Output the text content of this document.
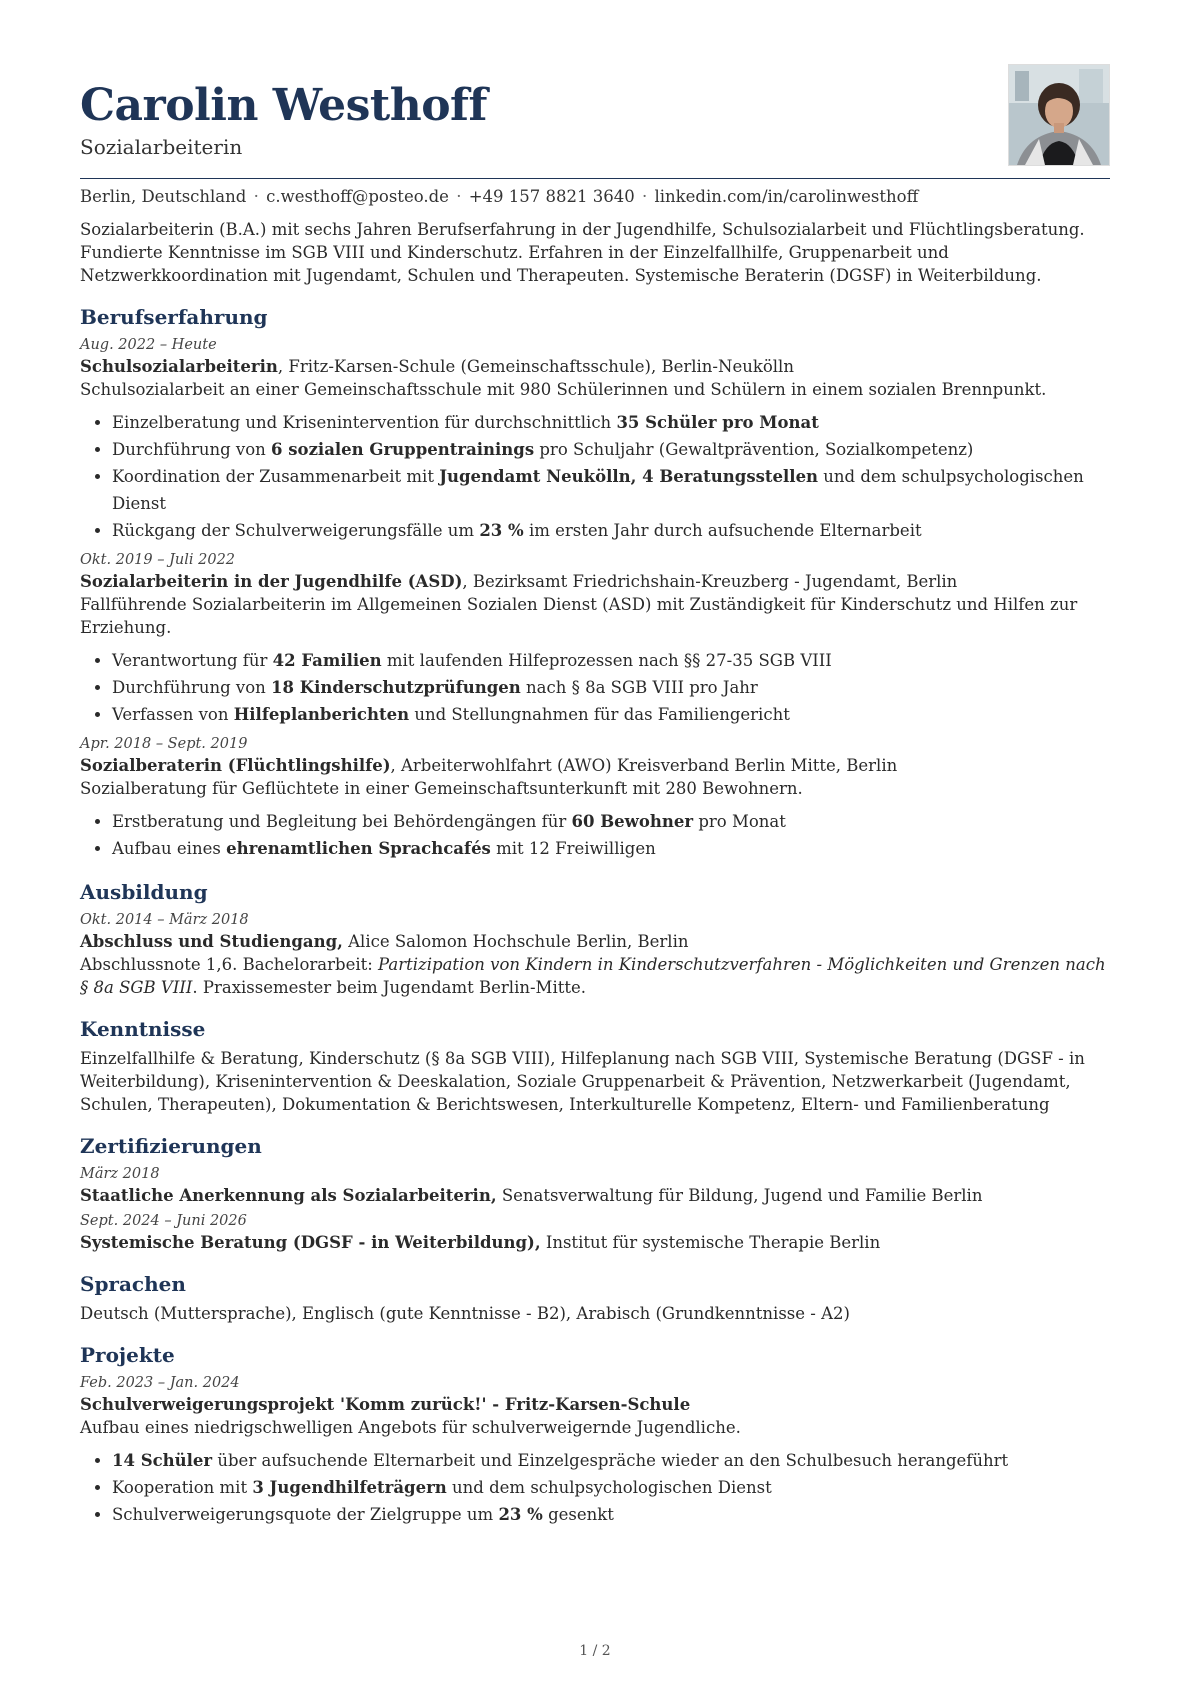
Carolin Westhoff
Sozialarbeiterin
Berlin, Deutschland · c.westhoff@posteo.de · +49 157 8821 3640 · linkedin.com/in/carolinwesthoff
Sozialarbeiterin (B.A.) mit sechs Jahren Berufserfahrung in der Jugendhilfe, Schulsozialarbeit und Flüchtlingsberatung. Fundierte Kenntnisse im SGB VIII und Kinderschutz. Erfahren in der Einzelfallhilfe, Gruppenarbeit und Netzwerkkoordination mit Jugendamt, Schulen und Therapeuten. Systemische Beraterin (DGSF) in Weiterbildung.
Berufserfahrung
Aug. 2022 – Heute
Schulsozialarbeiterin, Fritz-Karsen-Schule (Gemeinschaftsschule), Berlin-Neukölln
Schulsozialarbeit an einer Gemeinschaftsschule mit 980 Schülerinnen und Schülern in einem sozialen Brennpunkt.
• Einzelberatung und Krisenintervention für durchschnittlich 35 Schüler pro Monat
• Durchführung von 6 sozialen Gruppentrainings pro Schuljahr (Gewaltprävention, Sozialkompetenz)
• Koordination der Zusammenarbeit mit Jugendamt Neukölln, 4 Beratungsstellen und dem schulpsychologischen Dienst
• Rückgang der Schulverweigerungsfälle um 23 % im ersten Jahr durch aufsuchende Elternarbeit
Okt. 2019 – Juli 2022
Sozialarbeiterin in der Jugendhilfe (ASD), Bezirksamt Friedrichshain-Kreuzberg - Jugendamt, Berlin
Fallführende Sozialarbeiterin im Allgemeinen Sozialen Dienst (ASD) mit Zuständigkeit für Kinderschutz und Hilfen zur Erziehung.
• Verantwortung für 42 Familien mit laufenden Hilfeprozessen nach §§ 27-35 SGB VIII
• Durchführung von 18 Kinderschutzprüfungen nach § 8a SGB VIII pro Jahr
• Verfassen von Hilfeplanberichten und Stellungnahmen für das Familiengericht
Apr. 2018 – Sept. 2019
Sozialberaterin (Flüchtlingshilfe), Arbeiterwohlfahrt (AWO) Kreisverband Berlin Mitte, Berlin
Sozialberatung für Geflüchtete in einer Gemeinschaftsunterkunft mit 280 Bewohnern.
• Erstberatung und Begleitung bei Behördengängen für 60 Bewohner pro Monat
• Aufbau eines ehrenamtlichen Sprachcafés mit 12 Freiwilligen
Ausbildung
Okt. 2014 – März 2018
Abschluss und Studiengang, Alice Salomon Hochschule Berlin, Berlin
Abschlussnote 1,6. Bachelorarbeit: Partizipation von Kindern in Kinderschutzverfahren - Möglichkeiten und Grenzen nach § 8a SGB VIII. Praxissemester beim Jugendamt Berlin-Mitte.
Kenntnisse
Einzelfallhilfe & Beratung, Kinderschutz (§ 8a SGB VIII), Hilfeplanung nach SGB VIII, Systemische Beratung (DGSF - in Weiterbildung), Krisenintervention & Deeskalation, Soziale Gruppenarbeit & Prävention, Netzwerkarbeit (Jugendamt, Schulen, Therapeuten), Dokumentation & Berichtswesen, Interkulturelle Kompetenz, Eltern- und Familienberatung
Zertifizierungen
März 2018
Staatliche Anerkennung als Sozialarbeiterin, Senatsverwaltung für Bildung, Jugend und Familie Berlin
Sept. 2024 – Juni 2026
Systemische Beratung (DGSF - in Weiterbildung), Institut für systemische Therapie Berlin
Sprachen
Deutsch (Muttersprache), Englisch (gute Kenntnisse - B2), Arabisch (Grundkenntnisse - A2)
Projekte
Feb. 2023 – Jan. 2024
Schulverweigerungsprojekt 'Komm zurück!' - Fritz-Karsen-Schule
Aufbau eines niedrigschwelligen Angebots für schulverweigernde Jugendliche.
• 14 Schüler über aufsuchende Elternarbeit und Einzelgespräche wieder an den Schulbesuch herangeführt
• Kooperation mit 3 Jugendhilfeträgern und dem schulpsychologischen Dienst
• Schulverweigerungsquote der Zielgruppe um 23 % gesenkt
1 / 2
